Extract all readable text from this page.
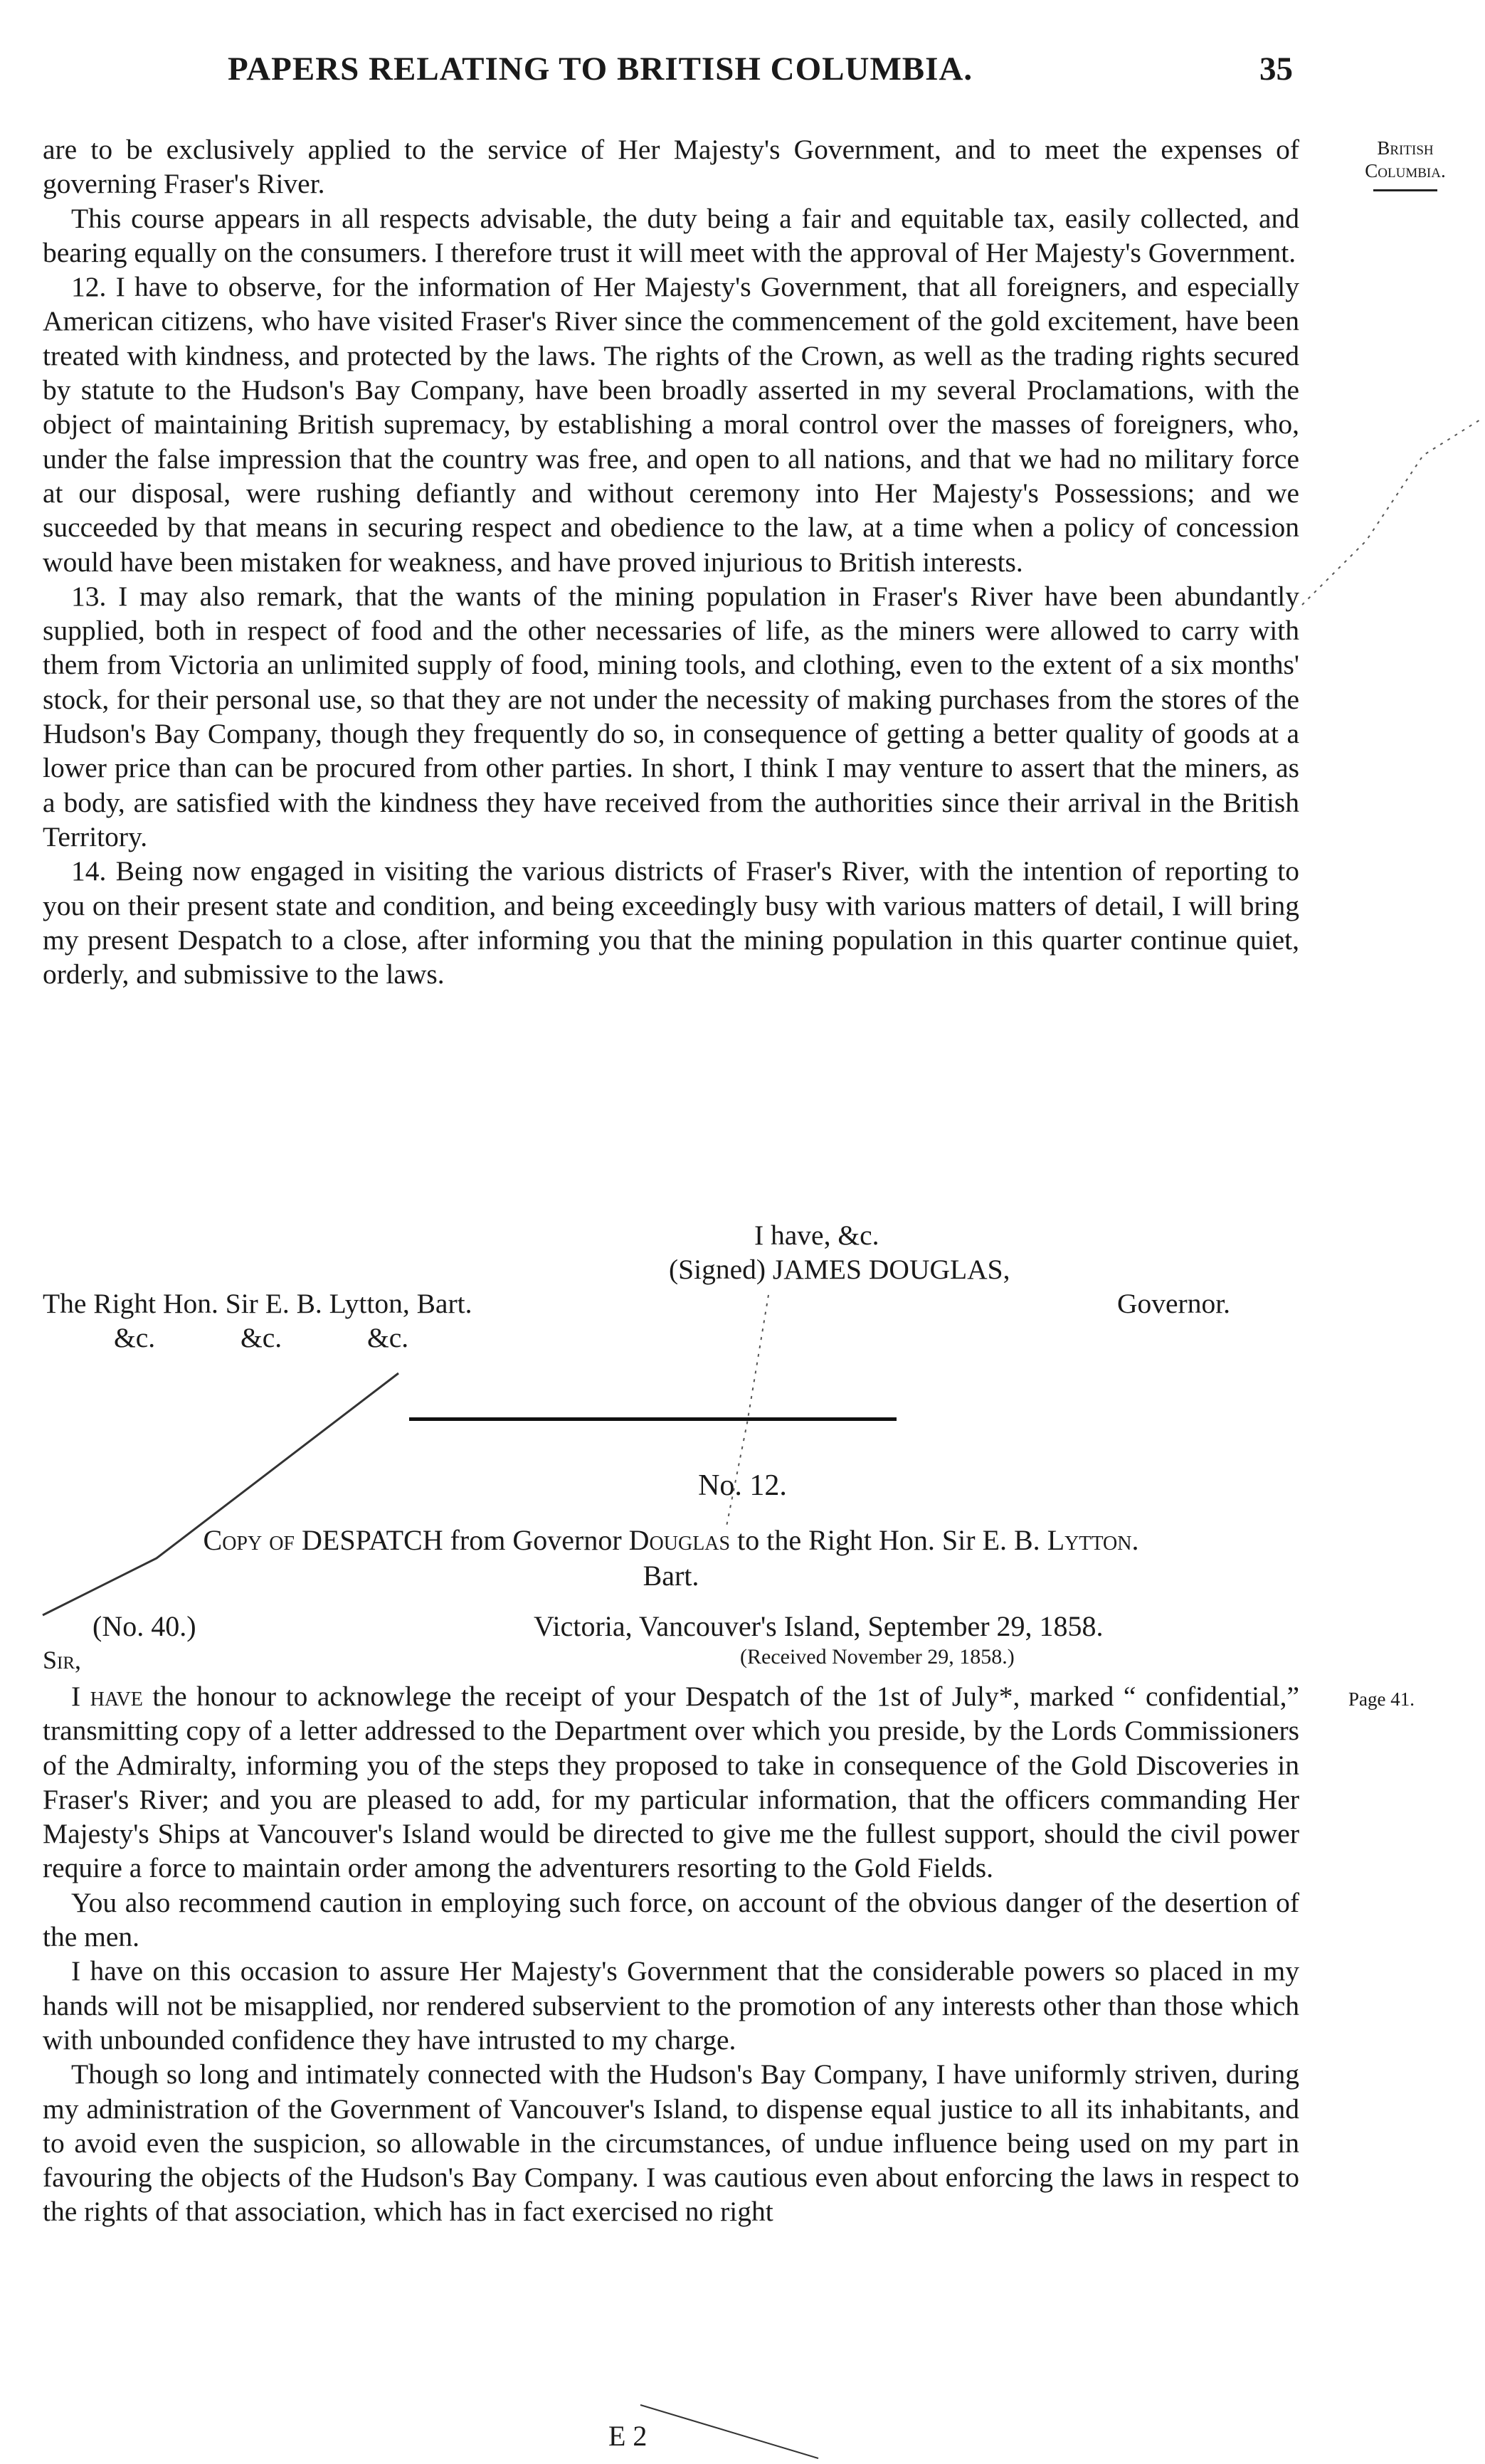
PAPERS RELATING TO BRITISH COLUMBIA.	35
British
Columbia.

are to be exclusively applied to the service of Her Majesty's Government, and to meet the expenses of governing Fraser's River.

This course appears in all respects advisable, the duty being a fair and equitable tax, easily collected, and bearing equally on the consumers. I therefore trust it will meet with the approval of Her Majesty's Government.

12. I have to observe, for the information of Her Majesty's Government, that all foreigners, and especially American citizens, who have visited Fraser's River since the commencement of the gold excitement, have been treated with kindness, and protected by the laws. The rights of the Crown, as well as the trading rights secured by statute to the Hudson's Bay Company, have been broadly asserted in my several Proclamations, with the object of maintaining British supremacy, by establishing a moral control over the masses of foreigners, who, under the false impression that the country was free, and open to all nations, and that we had no military force at our disposal, were rushing defiantly and without ceremony into Her Majesty's Possessions; and we succeeded by that means in securing respect and obedience to the law, at a time when a policy of concession would have been mistaken for weakness, and have proved injurious to British interests.

13. I may also remark, that the wants of the mining population in Fraser's River have been abundantly supplied, both in respect of food and the other necessaries of life, as the miners were allowed to carry with them from Victoria an unlimited supply of food, mining tools, and clothing, even to the extent of a six months' stock, for their personal use, so that they are not under the necessity of making purchases from the stores of the Hudson's Bay Company, though they frequently do so, in consequence of getting a better quality of goods at a lower price than can be procured from other parties. In short, I think I may venture to assert that the miners, as a body, are satisfied with the kindness they have received from the authorities since their arrival in the British Territory.

14. Being now engaged in visiting the various districts of Fraser's River, with the intention of reporting to you on their present state and condition, and being exceedingly busy with various matters of detail, I will bring my present Despatch to a close, after informing you that the mining population in this quarter continue quiet, orderly, and submissive to the laws.

I have, &c.
(Signed) JAMES DOUGLAS,
The Right Hon. Sir E. B. Lytton, Bart.	Governor.
&c. &c. &c.
No. 12.
Copy of DESPATCH from Governor Douglas to the Right Hon. Sir E. B. Lytton.
Bart.
(No. 40.)	Victoria, Vancouver's Island, September 29, 1858.
Sir,	(Received November 29, 1858.)
Page 41.

I have the honour to acknowlege the receipt of your Despatch of the 1st of July*, marked “ confidential,” transmitting copy of a letter addressed to the Department over which you preside, by the Lords Commissioners of the Admiralty, informing you of the steps they proposed to take in consequence of the Gold Discoveries in Fraser's River; and you are pleased to add, for my particular information, that the officers commanding Her Majesty's Ships at Vancouver's Island would be directed to give me the fullest support, should the civil power require a force to maintain order among the adventurers resorting to the Gold Fields.

You also recommend caution in employing such force, on account of the obvious danger of the desertion of the men.

I have on this occasion to assure Her Majesty's Government that the considerable powers so placed in my hands will not be misapplied, nor rendered subservient to the promotion of any interests other than those which with unbounded confidence they have intrusted to my charge.

Though so long and intimately connected with the Hudson's Bay Company, I have uniformly striven, during my administration of the Government of Vancouver's Island, to dispense equal justice to all its inhabitants, and to avoid even the suspicion, so allowable in the circumstances, of undue influence being used on my part in favouring the objects of the Hudson's Bay Company. I was cautious even about enforcing the laws in respect to the rights of that association, which has in fact exercised no right

E 2
